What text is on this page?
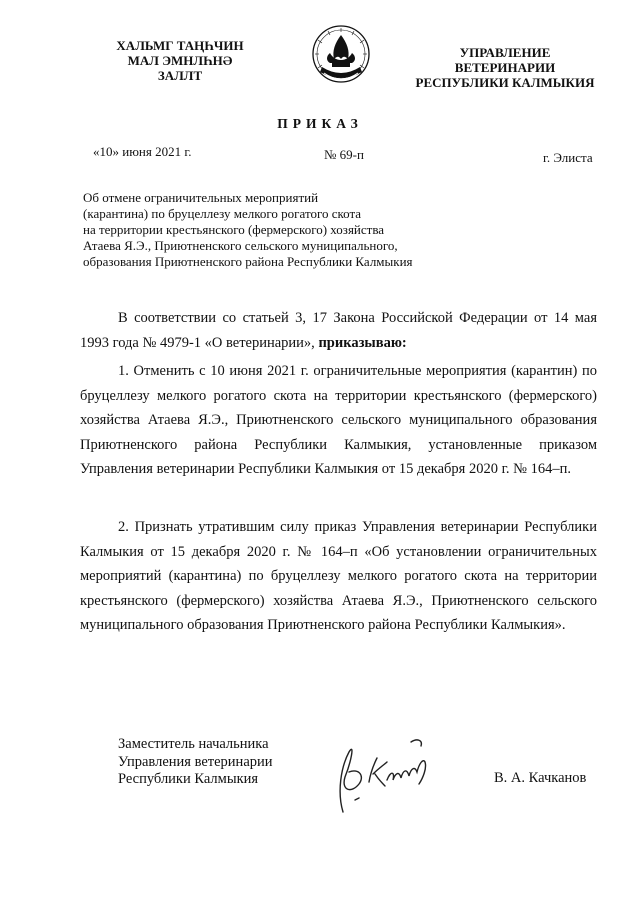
ХАЛЬМГ ТАҢҺЧИН
МАЛ ЭМНЛҺНӘ
ЗАЛЛТ
УПРАВЛЕНИЕ
ВЕТЕРИНАРИИ
РЕСПУБЛИКИ КАЛМЫКИЯ
ПРИКАЗ
«10» июня 2021 г.	№ 69-п	г. Элиста
Об отмене ограничительных мероприятий
(карантина) по бруцеллезу мелкого рогатого скота
на территории крестьянского (фермерского) хозяйства
Атаева Я.Э., Приютненского сельского муниципального,
образования Приютненского района Республики Калмыкия

В соответствии со статьей 3, 17 Закона Российской Федерации от 14 мая 1993 года № 4979-1 «О ветеринарии», приказываю:

1. Отменить с 10 июня 2021 г. ограничительные мероприятия (карантин) по бруцеллезу мелкого рогатого скота на территории крестьянского (фермерского) хозяйства Атаева Я.Э., Приютненского сельского муниципального образования Приютненского района Республики Калмыкия, установленные приказом Управления ветеринарии Республики Калмыкия от 15 декабря 2020 г. № 164–п.

2. Признать утратившим силу приказ Управления ветеринарии Республики Калмыкия от 15 декабря 2020 г. № 164–п «Об установлении ограничительных мероприятий (карантина) по бруцеллезу мелкого рогатого скота на территории крестьянского (фермерского) хозяйства Атаева Я.Э., Приютненского сельского муниципального образования Приютненского района Республики Калмыкия».

Заместитель начальника
Управления ветеринарии
Республики Калмыкия	В. А. Качканов
